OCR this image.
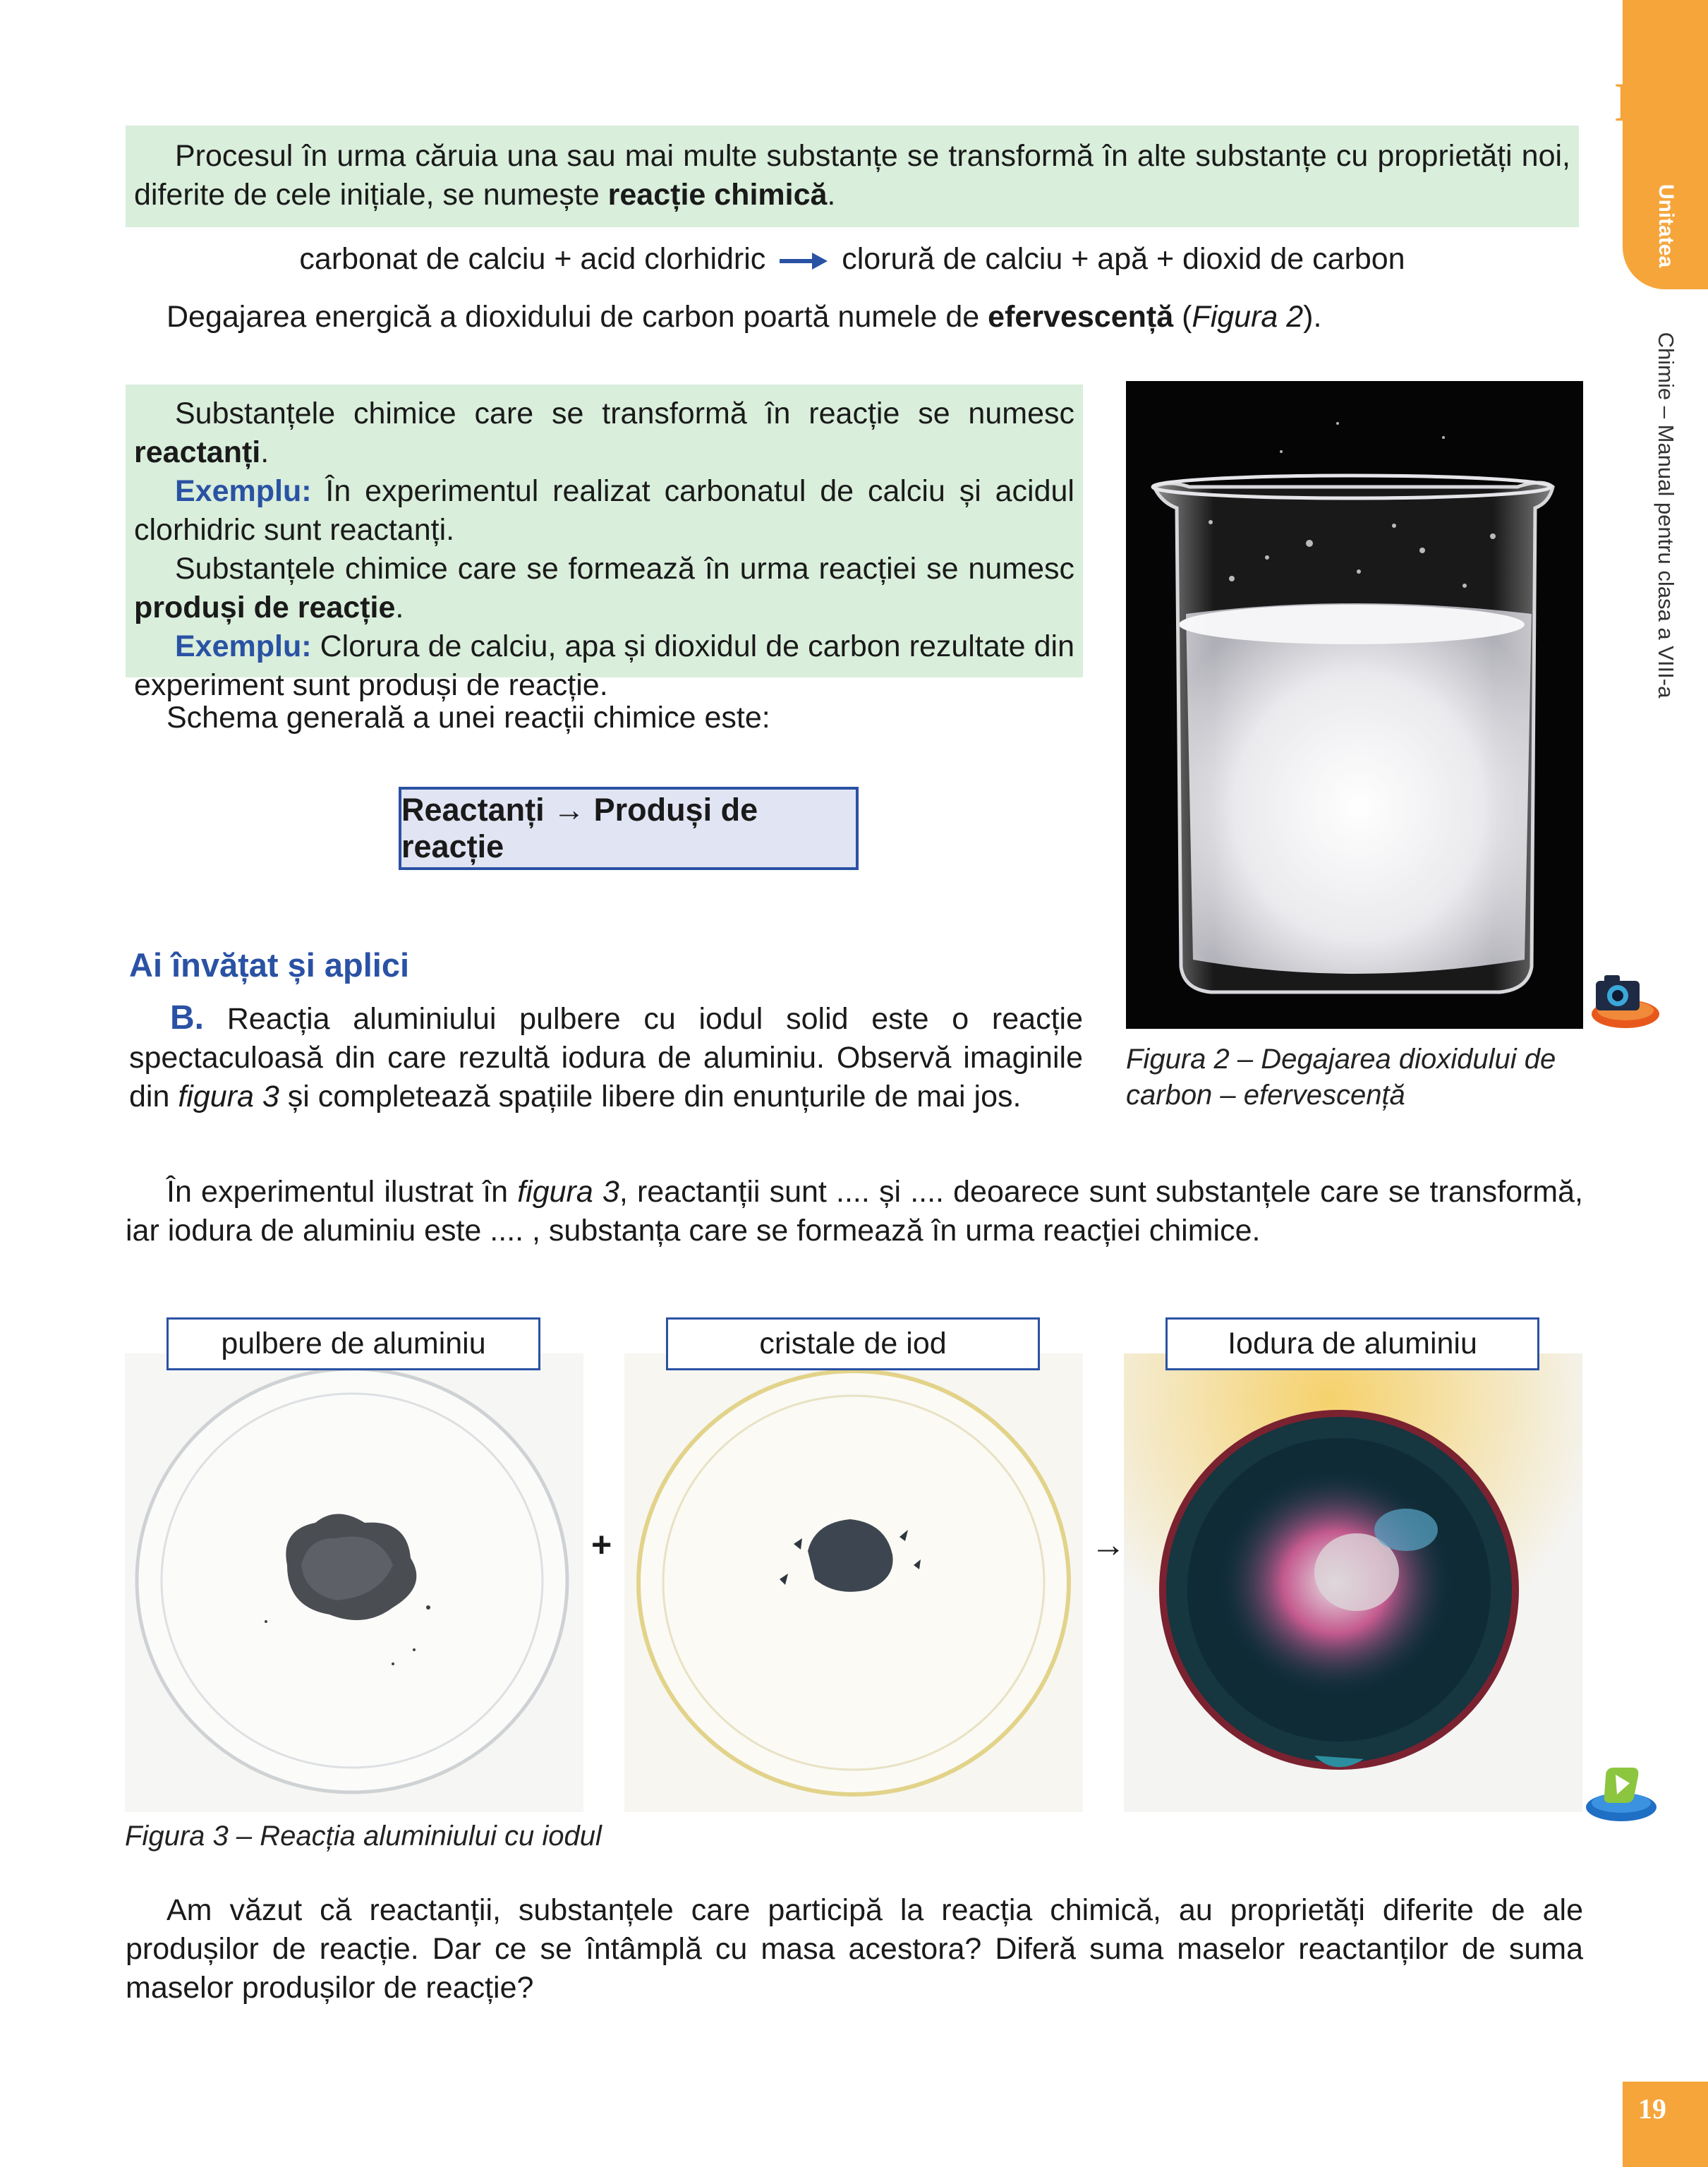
II
Unitatea
Chimie – Manual pentru clasa a VIII-a
19

Procesul în urma căruia una sau mai multe substanțe se transformă în alte substanțe cu proprietăți noi, diferite de cele inițiale, se numește reacție chimică.

carbonat de calciu + acid clorhidric	clorură de calciu + apă + dioxid de carbon
Degajarea energică a dioxidului de carbon poartă numele de efervescență (Figura 2).

Substanțele chimice care se transformă în reacție se numesc reactanți.

Exemplu: În experimentul realizat carbonatul de calciu și acidul clorhidric sunt reactanți.

Substanțele chimice care se formează în urma reacției se numesc produși de reacție.

Exemplu: Clorura de calciu, apa și dioxidul de carbon rezultate din experiment sunt produși de reacție.

Schema generală a unei reacții chimice este:

Reactanți → Produși de reacție
Ai învățat și aplici
B. Reacția aluminiului pulbere cu iodul solid este o reacție spectaculoasă din care rezultă iodura de aluminiu. Observă imaginile din figura 3 și completează spațiile libere din enunțurile de mai jos.
Figura 2 – Degajarea dioxidului de carbon – efervescență
În experimentul ilustrat în figura 3, reactanții sunt .... și .... deoarece sunt substanțele care se transformă, iar iodura de aluminiu este .... , substanța care se formează în urma reacției chimice.
pulbere de aluminiu	cristale de iod	Iodura de aluminiu
+	→
Figura 3 – Reacția aluminiului cu iodul

Am văzut că reactanții, substanțele care participă la reacția chimică, au proprietăți diferite de ale produșilor de reacție. Dar ce se întâmplă cu masa acestora? Diferă suma maselor reactanților de suma maselor produșilor de reacție?
